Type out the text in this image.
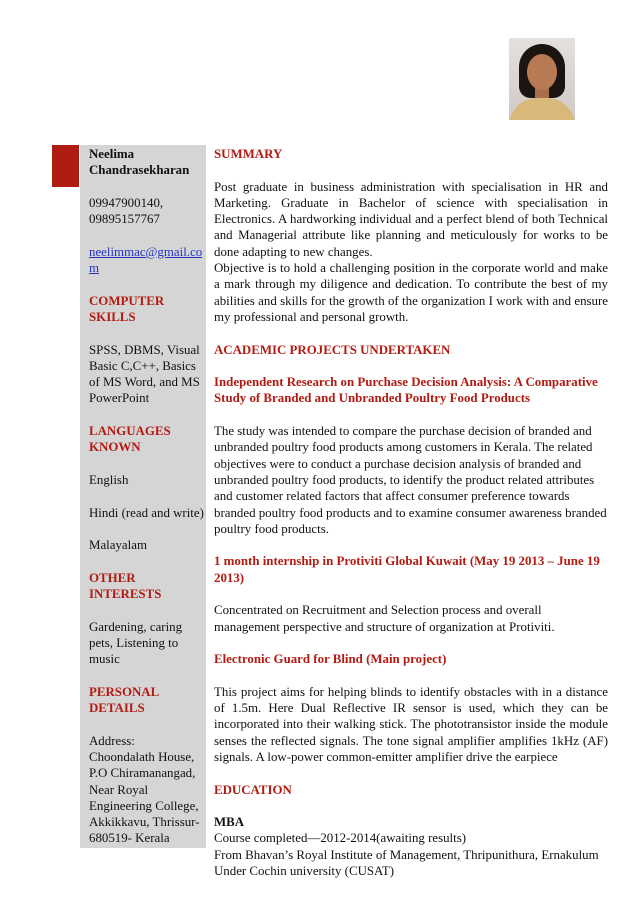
Neelima

Chandrasekharan

09947900140,

09895157767

neelimmac@gmail.com

COMPUTER SKILLS

SPSS, DBMS, Visual Basic C,C++, Basics of MS Word, and MS PowerPoint

LANGUAGES KNOWN

English

Hindi (read and write)

Malayalam

OTHER INTERESTS

Gardening, caring pets, Listening to music

PERSONAL DETAILS

Address:

Choondalath House, P.O Chiramanangad, Near Royal Engineering College, Akkikkavu, Thrissur- 680519- Kerala

SUMMARY

Post graduate in business administration with specialisation in HR and Marketing. Graduate in Bachelor of science with specialisation in Electronics. A hardworking individual and a perfect blend of both Technical and Managerial attribute like planning and meticulously for works to be done adapting to new changes.

Objective is to hold a challenging position in the corporate world and make a mark through my diligence and dedication. To contribute the best of my abilities and skills for the growth of the organization I work with and ensure my professional and personal growth.

ACADEMIC PROJECTS UNDERTAKEN

Independent Research on Purchase Decision Analysis: A Comparative Study of Branded and Unbranded Poultry Food Products

The study was intended to compare the purchase decision of branded and unbranded poultry food products among customers in Kerala. The related objectives were to conduct a purchase decision analysis of branded and unbranded poultry food products, to identify the product related attributes and customer related factors that affect consumer preference towards branded poultry food products and to examine consumer awareness branded poultry food products.

1 month internship in Protiviti Global Kuwait (May 19 2013 – June 19 2013)

Concentrated on Recruitment and Selection process and overall management perspective and structure of organization at Protiviti.

Electronic Guard for Blind (Main project)

This project aims for helping blinds to identify obstacles with in a distance of 1.5m. Here Dual Reflective IR sensor is used, which they can be incorporated into their walking stick. The phototransistor inside the module senses the reflected signals. The tone signal amplifier amplifies 1kHz (AF) signals. A low-power common-emitter amplifier drive the earpiece

EDUCATION

MBA

Course completed—2012-2014(awaiting results)

From Bhavan’s Royal Institute of Management, Thripunithura, Ernakulum

Under Cochin university (CUSAT)
